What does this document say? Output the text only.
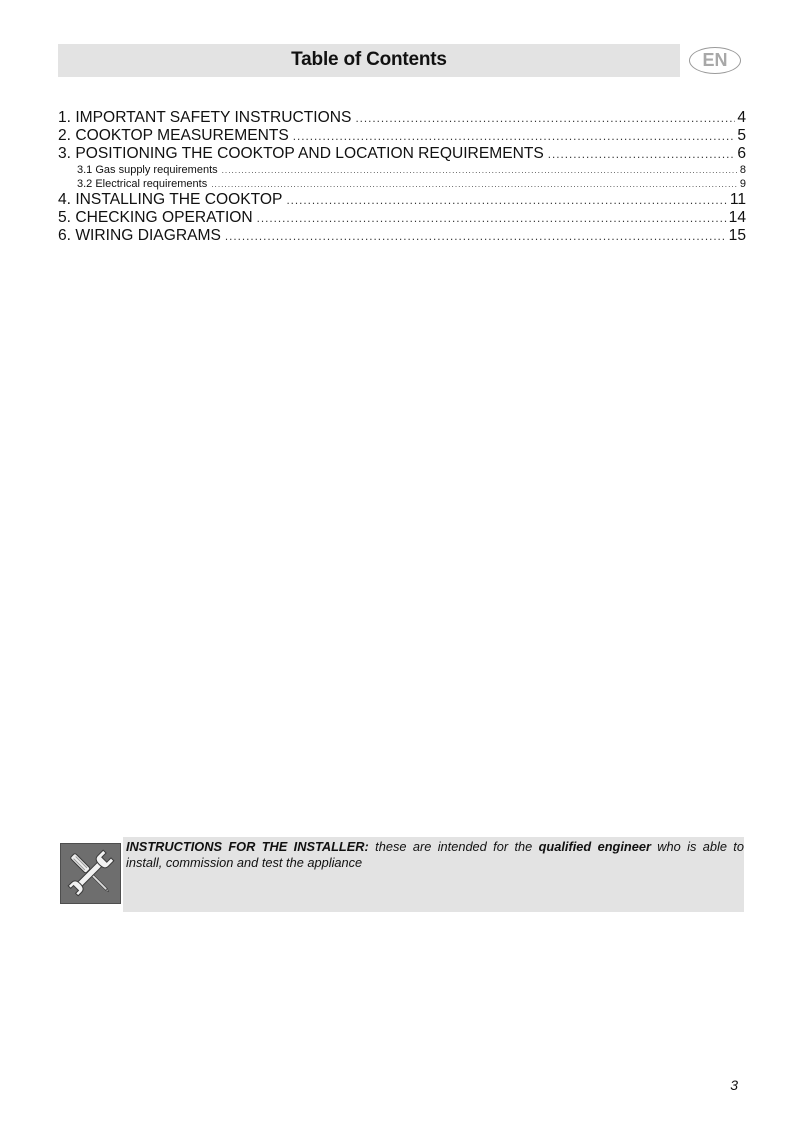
Table of Contents	EN
1. IMPORTANT SAFETY INSTRUCTIONS .....	4
2. COOKTOP MEASUREMENTS .....	5
3. POSITIONING THE COOKTOP AND LOCATION REQUIREMENTS .....	6
3.1 Gas supply requirements .....	8
3.2 Electrical requirements .....	9
4. INSTALLING THE COOKTOP .....	11
5. CHECKING OPERATION .....	14
6. WIRING DIAGRAMS .....	15
INSTRUCTIONS FOR THE INSTALLER: these are intended for the qualified engineer who is able to install, commission and test the appliance
3
